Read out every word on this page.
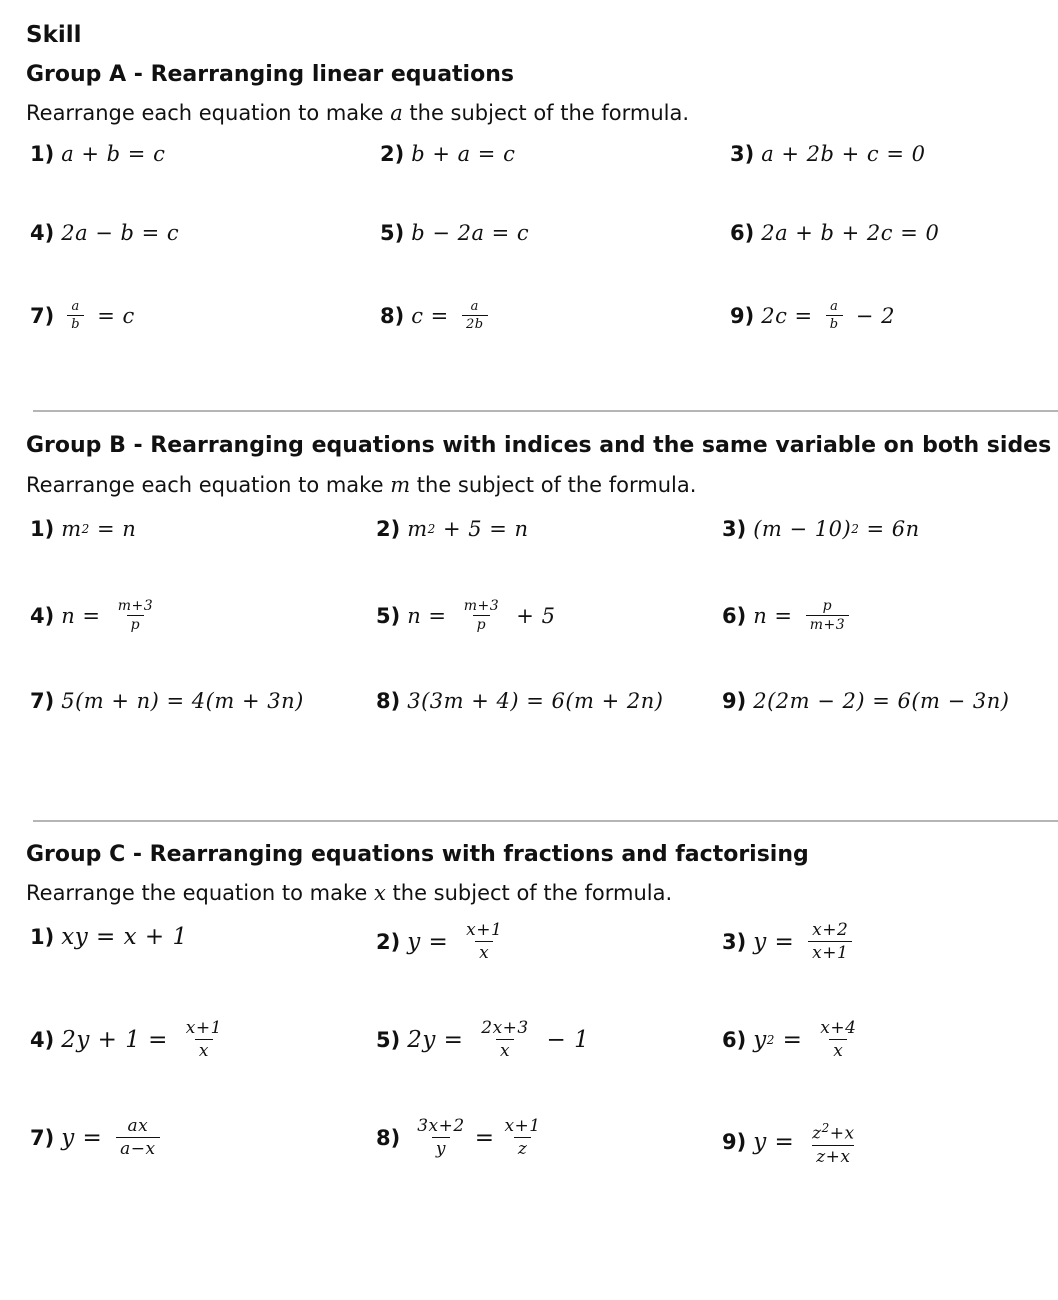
Skill
Group A - Rearranging linear equations
Rearrange each equation to make a the subject of the formula.
1) a + b = c	2) b + a = c	3) a + 2b + c = 0
4) 2a − b = c	5) b − 2a = c	6) 2a + b + 2c = 0
$7) \frac{a}{b} = c$	8) $c = \frac{a}{2b}$	9) $2c = \frac{a}{b} - 2$
Group B - Rearranging equations with indices and the same variable on both sides
Rearrange each equation to make m the subject of the formula.
1) m 2 = n	2) m 2 + 5 = n	3) (m − 10) 2 = 6n
4) $n = \frac{m+3}{p}$	5) $n = \frac{m+3}{p} + 5$	6) $n = \frac{p}{m+3}$
7) 5(m + n) = 4(m + 3n)	8) 3(3m + 4) = 6(m + 2n)	9) 2(2m − 2) = 6(m − 3n)
Group C - Rearranging equations with fractions and factorising
Rearrange the equation to make x the subject of the formula.
1) xy = x + 1	2) $y = \frac{x+1}{x}$	3) $y = \frac{x+2}{x+1}$
4) $2y + 1 = \frac{x+1}{x}$	5) $2y = \frac{2x+3}{x} - 1$	6) y $2 = \frac{x+4}{x}$
7) $y = \frac{ax}{a-x}$	$8) \frac{3x+2}{y} = \frac{x+1}{z}$	9) $y = \frac{z^2+x}{z+x}$
